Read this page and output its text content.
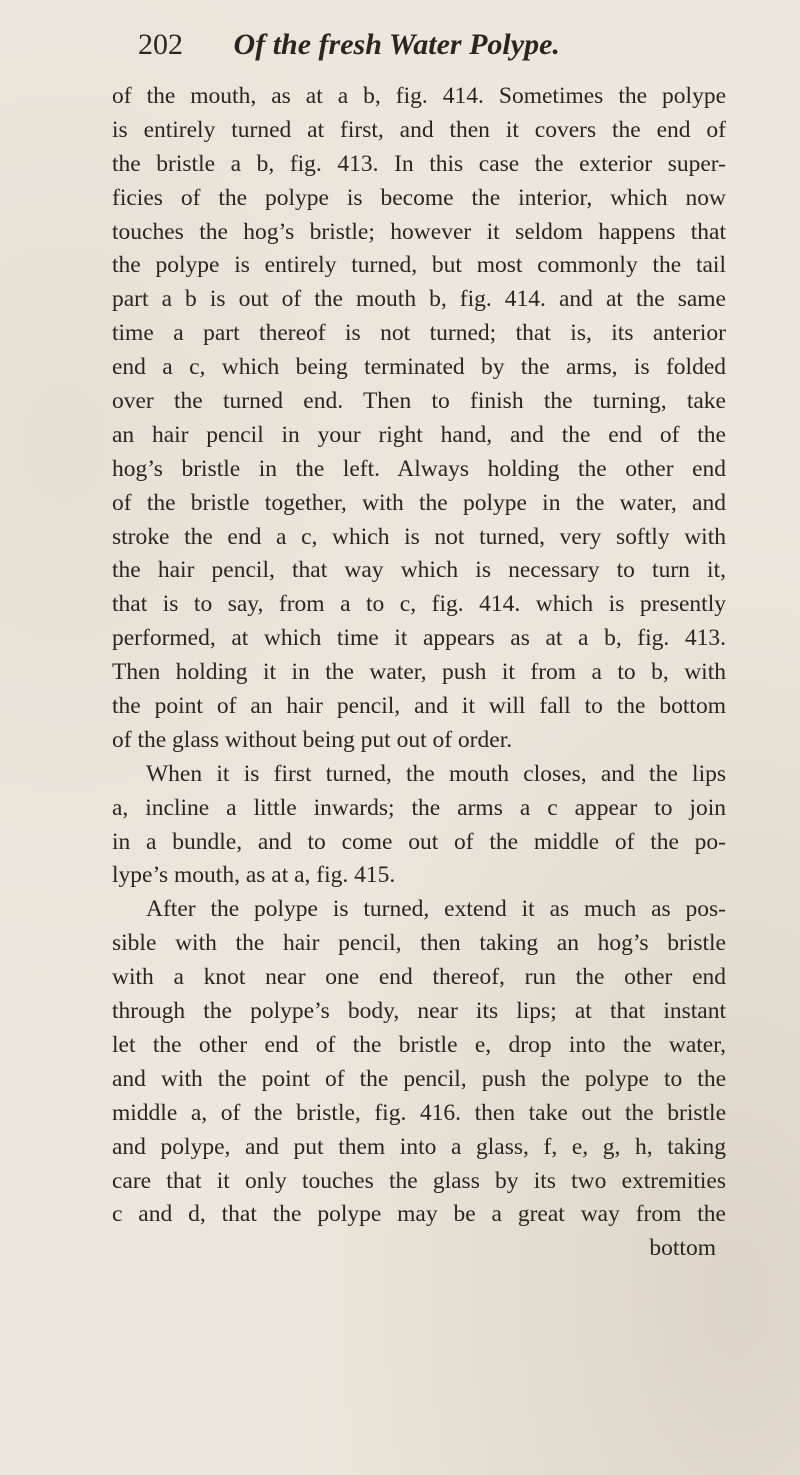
202 Of the fresh Water Polype.
of the mouth, as at a b, fig. 414. Sometimes the polype
is entirely turned at first, and then it covers the end of
the bristle a b, fig. 413. In this case the exterior super-
ficies of the polype is become the interior, which now
touches the hog’s bristle; however it seldom happens that
the polype is entirely turned, but most commonly the tail
part a b is out of the mouth b, fig. 414. and at the same
time a part thereof is not turned; that is, its anterior
end a c, which being terminated by the arms, is folded
over the turned end. Then to finish the turning, take
an hair pencil in your right hand, and the end of the
hog’s bristle in the left. Always holding the other end
of the bristle together, with the polype in the water, and
stroke the end a c, which is not turned, very softly with
the hair pencil, that way which is necessary to turn it,
that is to say, from a to c, fig. 414. which is presently
performed, at which time it appears as at a b, fig. 413.
Then holding it in the water, push it from a to b, with
the point of an hair pencil, and it will fall to the bottom
of the glass without being put out of order.
When it is first turned, the mouth closes, and the lips
a, incline a little inwards; the arms a c appear to join
in a bundle, and to come out of the middle of the po-
lype’s mouth, as at a, fig. 415.
After the polype is turned, extend it as much as pos-
sible with the hair pencil, then taking an hog’s bristle
with a knot near one end thereof, run the other end
through the polype’s body, near its lips; at that instant
let the other end of the bristle e, drop into the water,
and with the point of the pencil, push the polype to the
middle a, of the bristle, fig. 416. then take out the bristle
and polype, and put them into a glass, f, e, g, h, taking
care that it only touches the glass by its two extremities
c and d, that the polype may be a great way from the
bottom
